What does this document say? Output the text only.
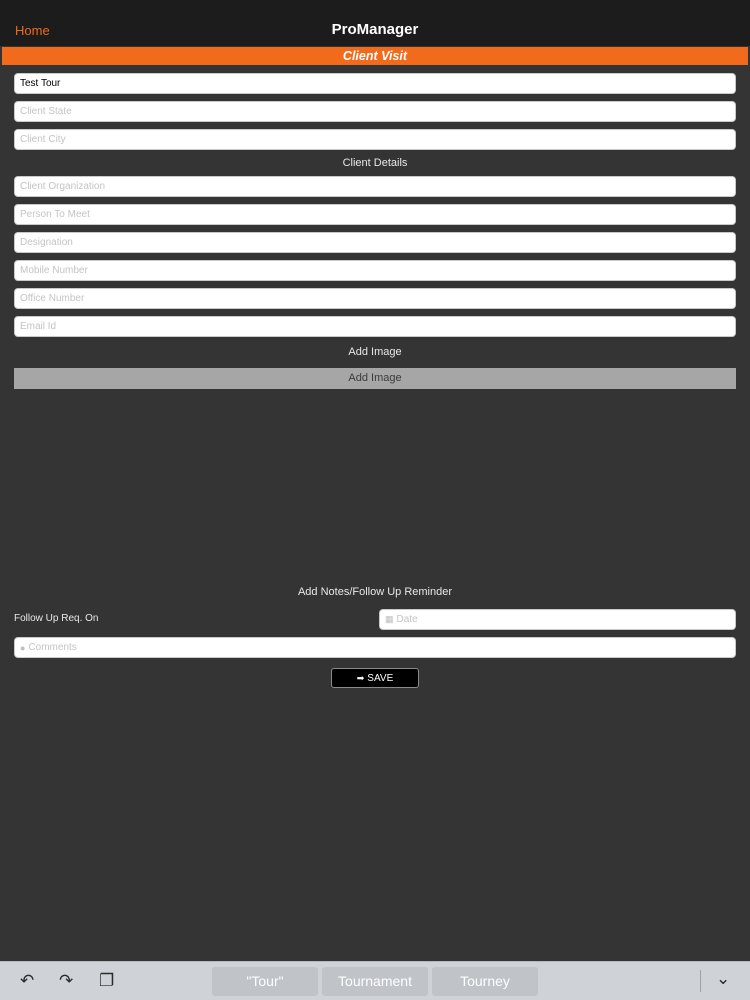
Home	ProManager
Client Visit
Test Tour
Client State
Client City
Client Details
Client Organization
Person To Meet
Designation
Mobile Number
Office Number
Email Id
Add Image
Add Image
Add Notes/Follow Up Reminder
Follow Up Req. On	▦ Date
● Comments
➡ SAVE
↶ ↷ ❐	"Tour"	Tournament	Tourney	⌄
